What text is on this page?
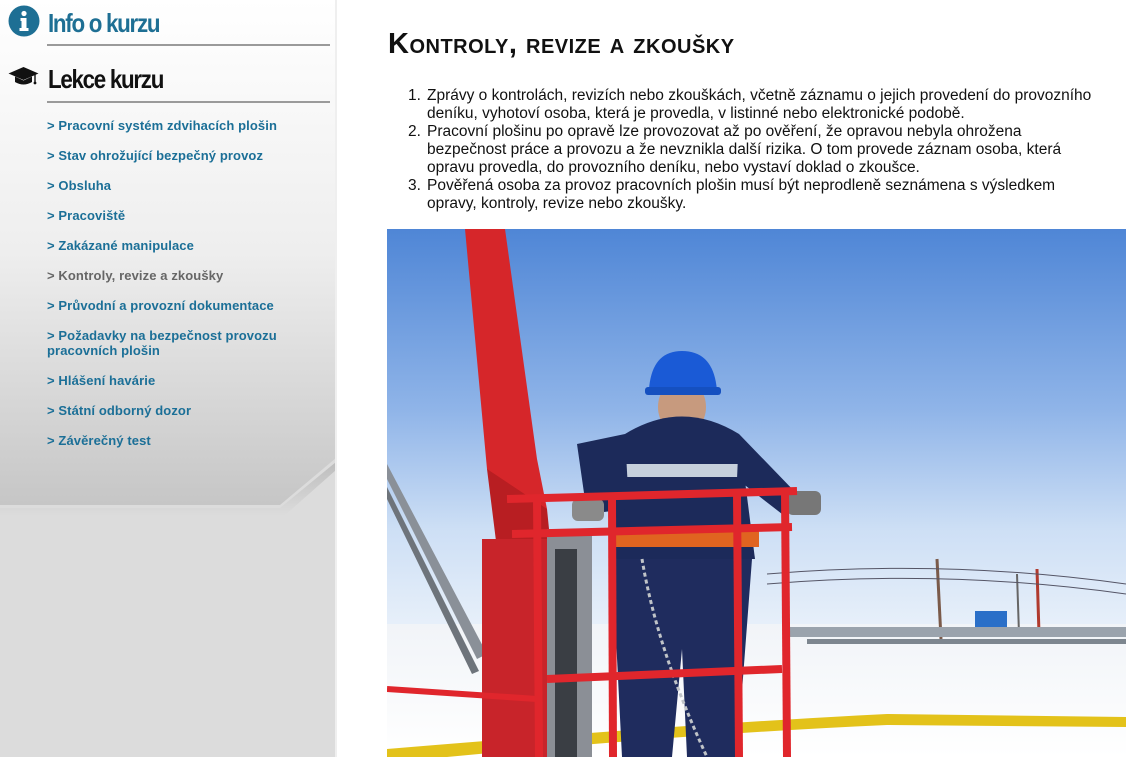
Info o kurzu
Lekce kurzu
> Pracovní systém zdvihacích plošin
> Stav ohrožující bezpečný provoz
> Obsluha
> Pracoviště
> Zakázané manipulace
> Kontroly, revize a zkoušky
> Průvodní a provozní dokumentace
> Požadavky na bezpečnost provozu pracovních plošin
> Hlášení havárie
> Státní odborný dozor
> Závěrečný test
Kontroly, revize a zkoušky
1. Zprávy o kontrolách, revizích nebo zkouškách, včetně záznamu o jejich provedení do provozního deníku, vyhotoví osoba, která je provedla, v listinné nebo elektronické podobě.
2. Pracovní plošinu po opravě lze provozovat až po ověření, že opravou nebyla ohrožena bezpečnost práce a provozu a že nevznikla další rizika. O tom provede záznam osoba, která opravu provedla, do provozního deníku, nebo vystaví doklad o zkoušce.
3. Pověřená osoba za provoz pracovních plošin musí být neprodleně seznámena s výsledkem opravy, kontroly, revize nebo zkoušky.
